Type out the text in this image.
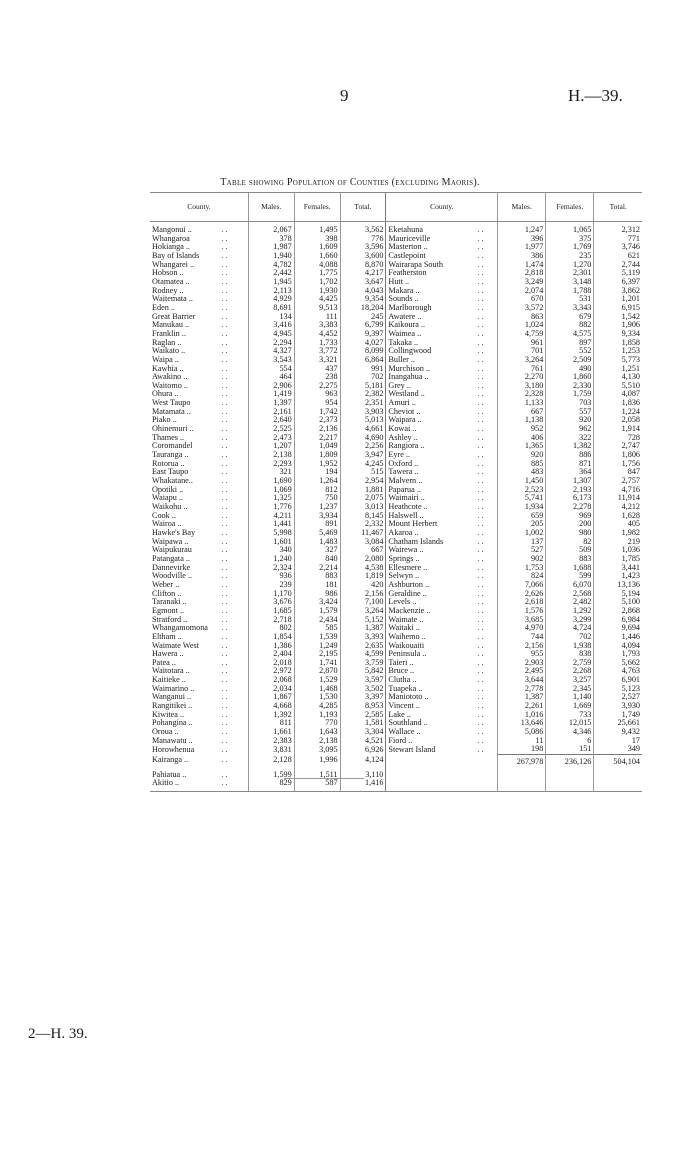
9	H.—39.
Table showing Population of Counties (excluding Maoris).
County.		Males.	Females.	Total.	County.		Males.	Females.	Total.
Mangonui ..	. .	2,067	1,495	3,562	Eketahuna	. .	1,247	1,065	2,312
Whangaroa	. .	378	398	776	Mauriceville	. .	396	375	771
Hokianga ..	. .	1,987	1,609	3,596	Masterton ..	. .	1,977	1,769	3,746
Bay of Islands	. .	1,940	1,660	3,600	Castlepoint	. .	386	235	621
Whangarei ..	. .	4,782	4,088	8,870	Wairarapa South	. .	1,474	1,270	2,744
Hobson ..	. .	2,442	1,775	4,217	Featherston	. .	2,818	2,301	5,119
Otamatea ..	. .	1,945	1,702	3,647	Hutt ..	. .	3,249	3,148	6,397
Rodney ..	. .	2,113	1,930	4,043	Makara ..	. .	2,074	1,788	3,862
Waitemata ..	. .	4,929	4,425	9,354	Sounds ..	. .	670	531	1,201
Eden ..	. .	8,691	9,513	18,204	Marlborough	. .	3,572	3,343	6,915
Great Barrier	. .	134	111	245	Awatere ..	. .	863	679	1,542
Manukau ..	. .	3,416	3,383	6,799	Kaikoura ..	. .	1,024	882	1,906
Franklin ..	. .	4,945	4,452	9,397	Waimea ..	. .	4,759	4,575	9,334
Raglan ..	. .	2,294	1,733	4,027	Takaka ..	. .	961	897	1,858
Waikato ..	. .	4,327	3,772	8,099	Collingwood	. .	701	552	1,253
Waipa ..	. .	3,543	3,321	6,864	Buller ..	. .	3,264	2,509	5,773
Kawhia ..	. .	554	437	991	Murchison ..	. .	761	490	1,251
Awakino ..	. .	464	238	702	Inangahua ..	. .	2,270	1,860	4,130
Waitomo ..	. .	2,906	2,275	5,181	Grey ..	. .	3,180	2,330	5,510
Ohura ..	. .	1,419	963	2,382	Westland ..	. .	2,328	1,759	4,087
West Taupo	. .	1,397	954	2,351	Amuri ..	. .	1,133	703	1,836
Matamata ..	. .	2,161	1,742	3,903	Cheviot ..	. .	667	557	1,224
Piako ..	. .	2,640	2,373	5,013	Waipara ..	. .	1,138	920	2,058
Ohinemuri ..	. .	2,525	2,136	4,661	Kowai ..	. .	952	962	1,914
Thames ..	. .	2,473	2,217	4,690	Ashley ..	. .	406	322	728
Coromandel	. .	1,207	1,049	2,256	Rangiora ..	. .	1,365	1,382	2,747
Tauranga ..	. .	2,138	1,809	3,947	Eyre ..	. .	920	886	1,806
Rotorua ..	. .	2,293	1,952	4,245	Oxford ..	. .	885	871	1,756
East Taupo	. .	321	194	515	Tawera ..	. .	483	364	847
Whakatane..	. .	1,690	1,264	2,954	Malvern ..	. .	1,450	1,307	2,757
Opotiki ..	. .	1,069	812	1,881	Paparua ..	. .	2,523	2,193	4,716
Waiapu ..	. .	1,325	750	2,075	Waimairi ..	. .	5,741	6,173	11,914
Waikohu ..	. .	1,776	1,237	3,013	Heathcote ..	. .	1,934	2,278	4,212
Cook ..	. .	4,211	3,934	8,145	Halswell ..	. .	659	969	1,628
Wairoa ..	. .	1,441	891	2,332	Mount Herbert	. .	205	200	405
Hawke's Bay	. .	5,998	5,469	11,467	Akaroa ..	. .	1,002	980	1,982
Waipawa ..	. .	1,601	1,483	3,084	Chatham Islands	. .	137	82	219
Waipukurau	. .	340	327	667	Wairewa ..	. .	527	509	1,036
Patangata ..	. .	1,240	840	2,080	Springs ..	. .	902	883	1,785
Dannevirke	. .	2,324	2,214	4,538	Ellesmere ..	. .	1,753	1,688	3,441
Woodville ..	. .	936	883	1,819	Selwyn ..	. .	824	599	1,423
Weber ..	. .	239	181	420	Ashburton ..	. .	7,066	6,070	13,136
Clifton ..	. .	1,170	986	2,156	Geraldine ..	. .	2,626	2,568	5,194
Taranaki ..	. .	3,676	3,424	7,100	Levels ..	. .	2,618	2,482	5,100
Egmont ..	. .	1,685	1,579	3,264	Mackenzie ..	. .	1,576	1,292	2,868
Stratford ..	. .	2,718	2,434	5,152	Waimate ..	. .	3,685	3,299	6,984
Whangamomona	. .	802	585	1,387	Waitaki ..	. .	4,970	4,724	9,694
Eltham ..	. .	1,854	1,539	3,393	Waihemo ..	. .	744	702	1,446
Waimate West	. .	1,386	1,249	2,635	Waikouaiti	. .	2,156	1,938	4,094
Hawera ..	. .	2,404	2,195	4,599	Peninsula ..	. .	955	838	1,793
Patea ..	. .	2,018	1,741	3,759	Taieri ..	. .	2,903	2,759	5,662
Waitotara ..	. .	2,972	2,870	5,842	Bruce ..	. .	2,495	2,268	4,763
Kaitieke ..	. .	2,068	1,529	3,597	Clutha ..	. .	3,644	3,257	6,901
Waimarino ..	. .	2,034	1,468	3,502	Tuapeka ..	. .	2,778	2,345	5,123
Wanganui ..	. .	1,867	1,530	3,397	Maniototo ..	. .	1,387	1,140	2,527
Rangitikei ..	. .	4,668	4,285	8,953	Vincent ..	. .	2,261	1,669	3,930
Kiwitea ..	. .	1,392	1,193	2,585	Lake ..	. .	1,016	733	1,749
Pohangina ..	. .	811	770	1,581	Southland ..	. .	13,646	12,015	25,661
Oroua ..	. .	1,661	1,643	3,304	Wallace ..	. .	5,086	4,346	9,432
Manawatu ..	. .	2,383	2,138	4,521	Fiord ..	. .	11	6	17
Horowhenua	. .	3,831	3,095	6,926	Stewart Island	. .	198	151	349
Kairanga ..	. .	2,128	1,996	4,124			267,978	236,126	504,104
Pahiatua ..	. .	1,599	1,511	3,110					
Akitio ..	. .	829	587	1,416					
2—H. 39.
